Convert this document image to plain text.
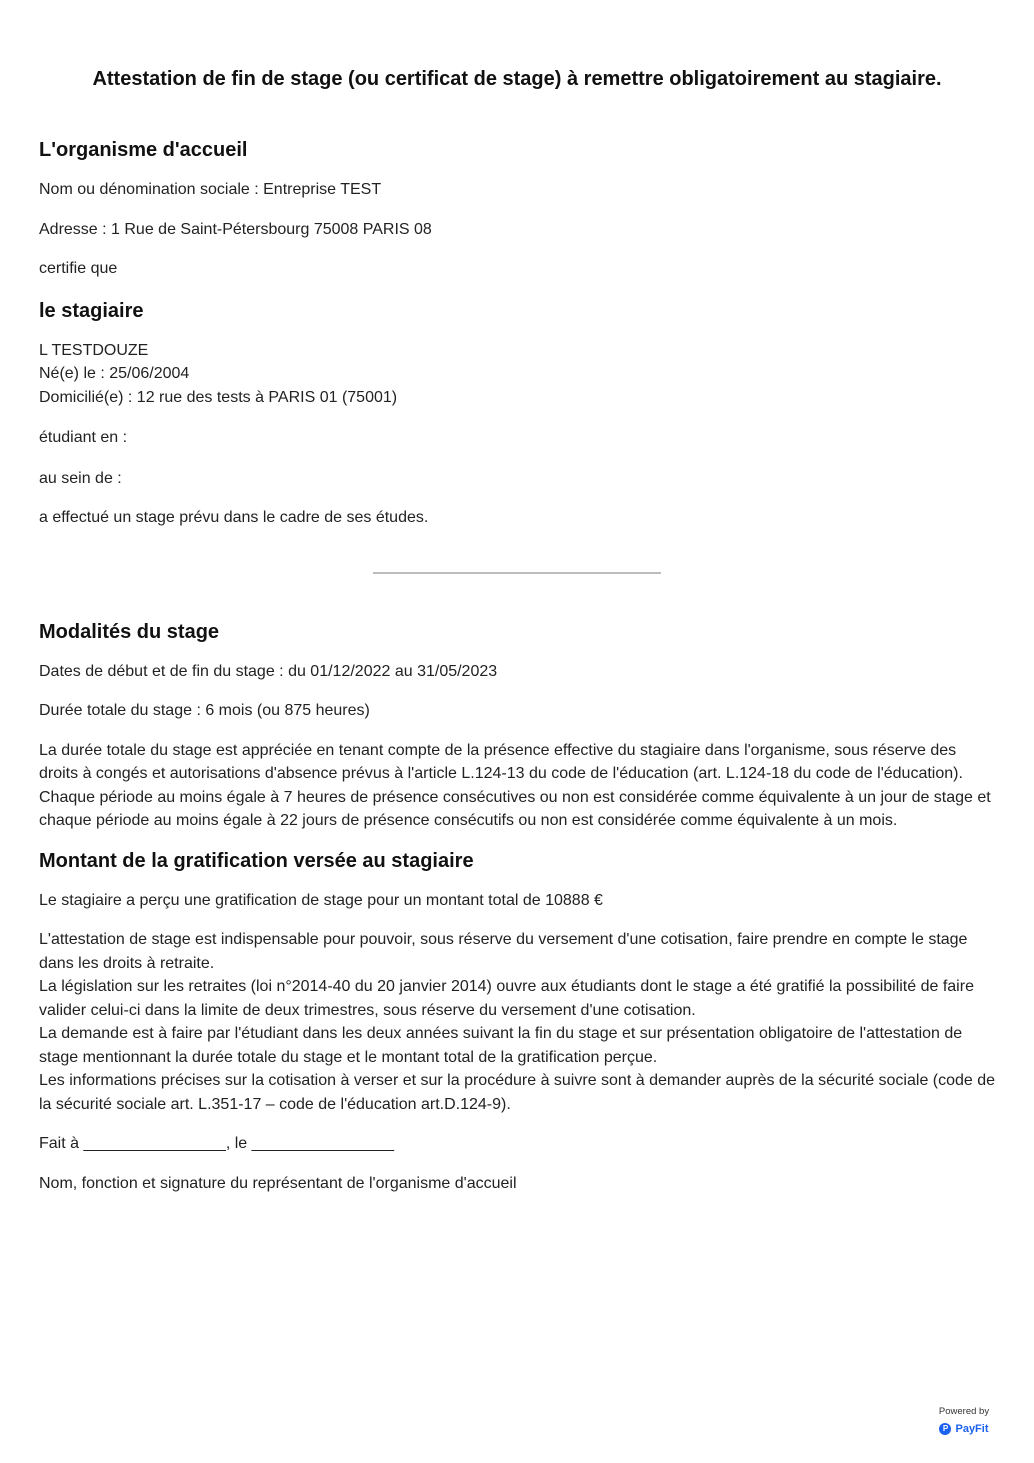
Attestation de fin de stage (ou certificat de stage) à remettre obligatoirement au stagiaire.
L'organisme d'accueil

Nom ou dénomination sociale : Entreprise TEST

Adresse : 1 Rue de Saint-Pétersbourg 75008 PARIS 08

certifie que

le stagiaire

L TESTDOUZE
Né(e) le : 25/06/2004
Domicilié(e) : 12 rue des tests à PARIS 01 (75001)

étudiant en :

au sein de :

a effectué un stage prévu dans le cadre de ses études.

Modalités du stage

Dates de début et de fin du stage : du 01/12/2022 au 31/05/2023

Durée totale du stage : 6 mois (ou 875 heures)

La durée totale du stage est appréciée en tenant compte de la présence effective du stagiaire dans l'organisme, sous réserve des droits à congés et autorisations d'absence prévus à l'article L.124-13 du code de l'éducation (art. L.124-18 du code de l'éducation). Chaque période au moins égale à 7 heures de présence consécutives ou non est considérée comme équivalente à un jour de stage et chaque période au moins égale à 22 jours de présence consécutifs ou non est considérée comme équivalente à un mois.

Montant de la gratification versée au stagiaire

Le stagiaire a perçu une gratification de stage pour un montant total de 10888 €

L'attestation de stage est indispensable pour pouvoir, sous réserve du versement d'une cotisation, faire prendre en compte le stage dans les droits à retraite.
La législation sur les retraites (loi n°2014-40 du 20 janvier 2014) ouvre aux étudiants dont le stage a été gratifié la possibilité de faire valider celui-ci dans la limite de deux trimestres, sous réserve du versement d'une cotisation.
La demande est à faire par l'étudiant dans les deux années suivant la fin du stage et sur présentation obligatoire de l'attestation de stage mentionnant la durée totale du stage et le montant total de la gratification perçue.
Les informations précises sur la cotisation à verser et sur la procédure à suivre sont à demander auprès de la sécurité sociale (code de la sécurité sociale art. L.351-17 – code de l'éducation art.D.124-9).

Fait à ________________, le ________________

Nom, fonction et signature du représentant de l'organisme d'accueil

Powered by
P PayFit
